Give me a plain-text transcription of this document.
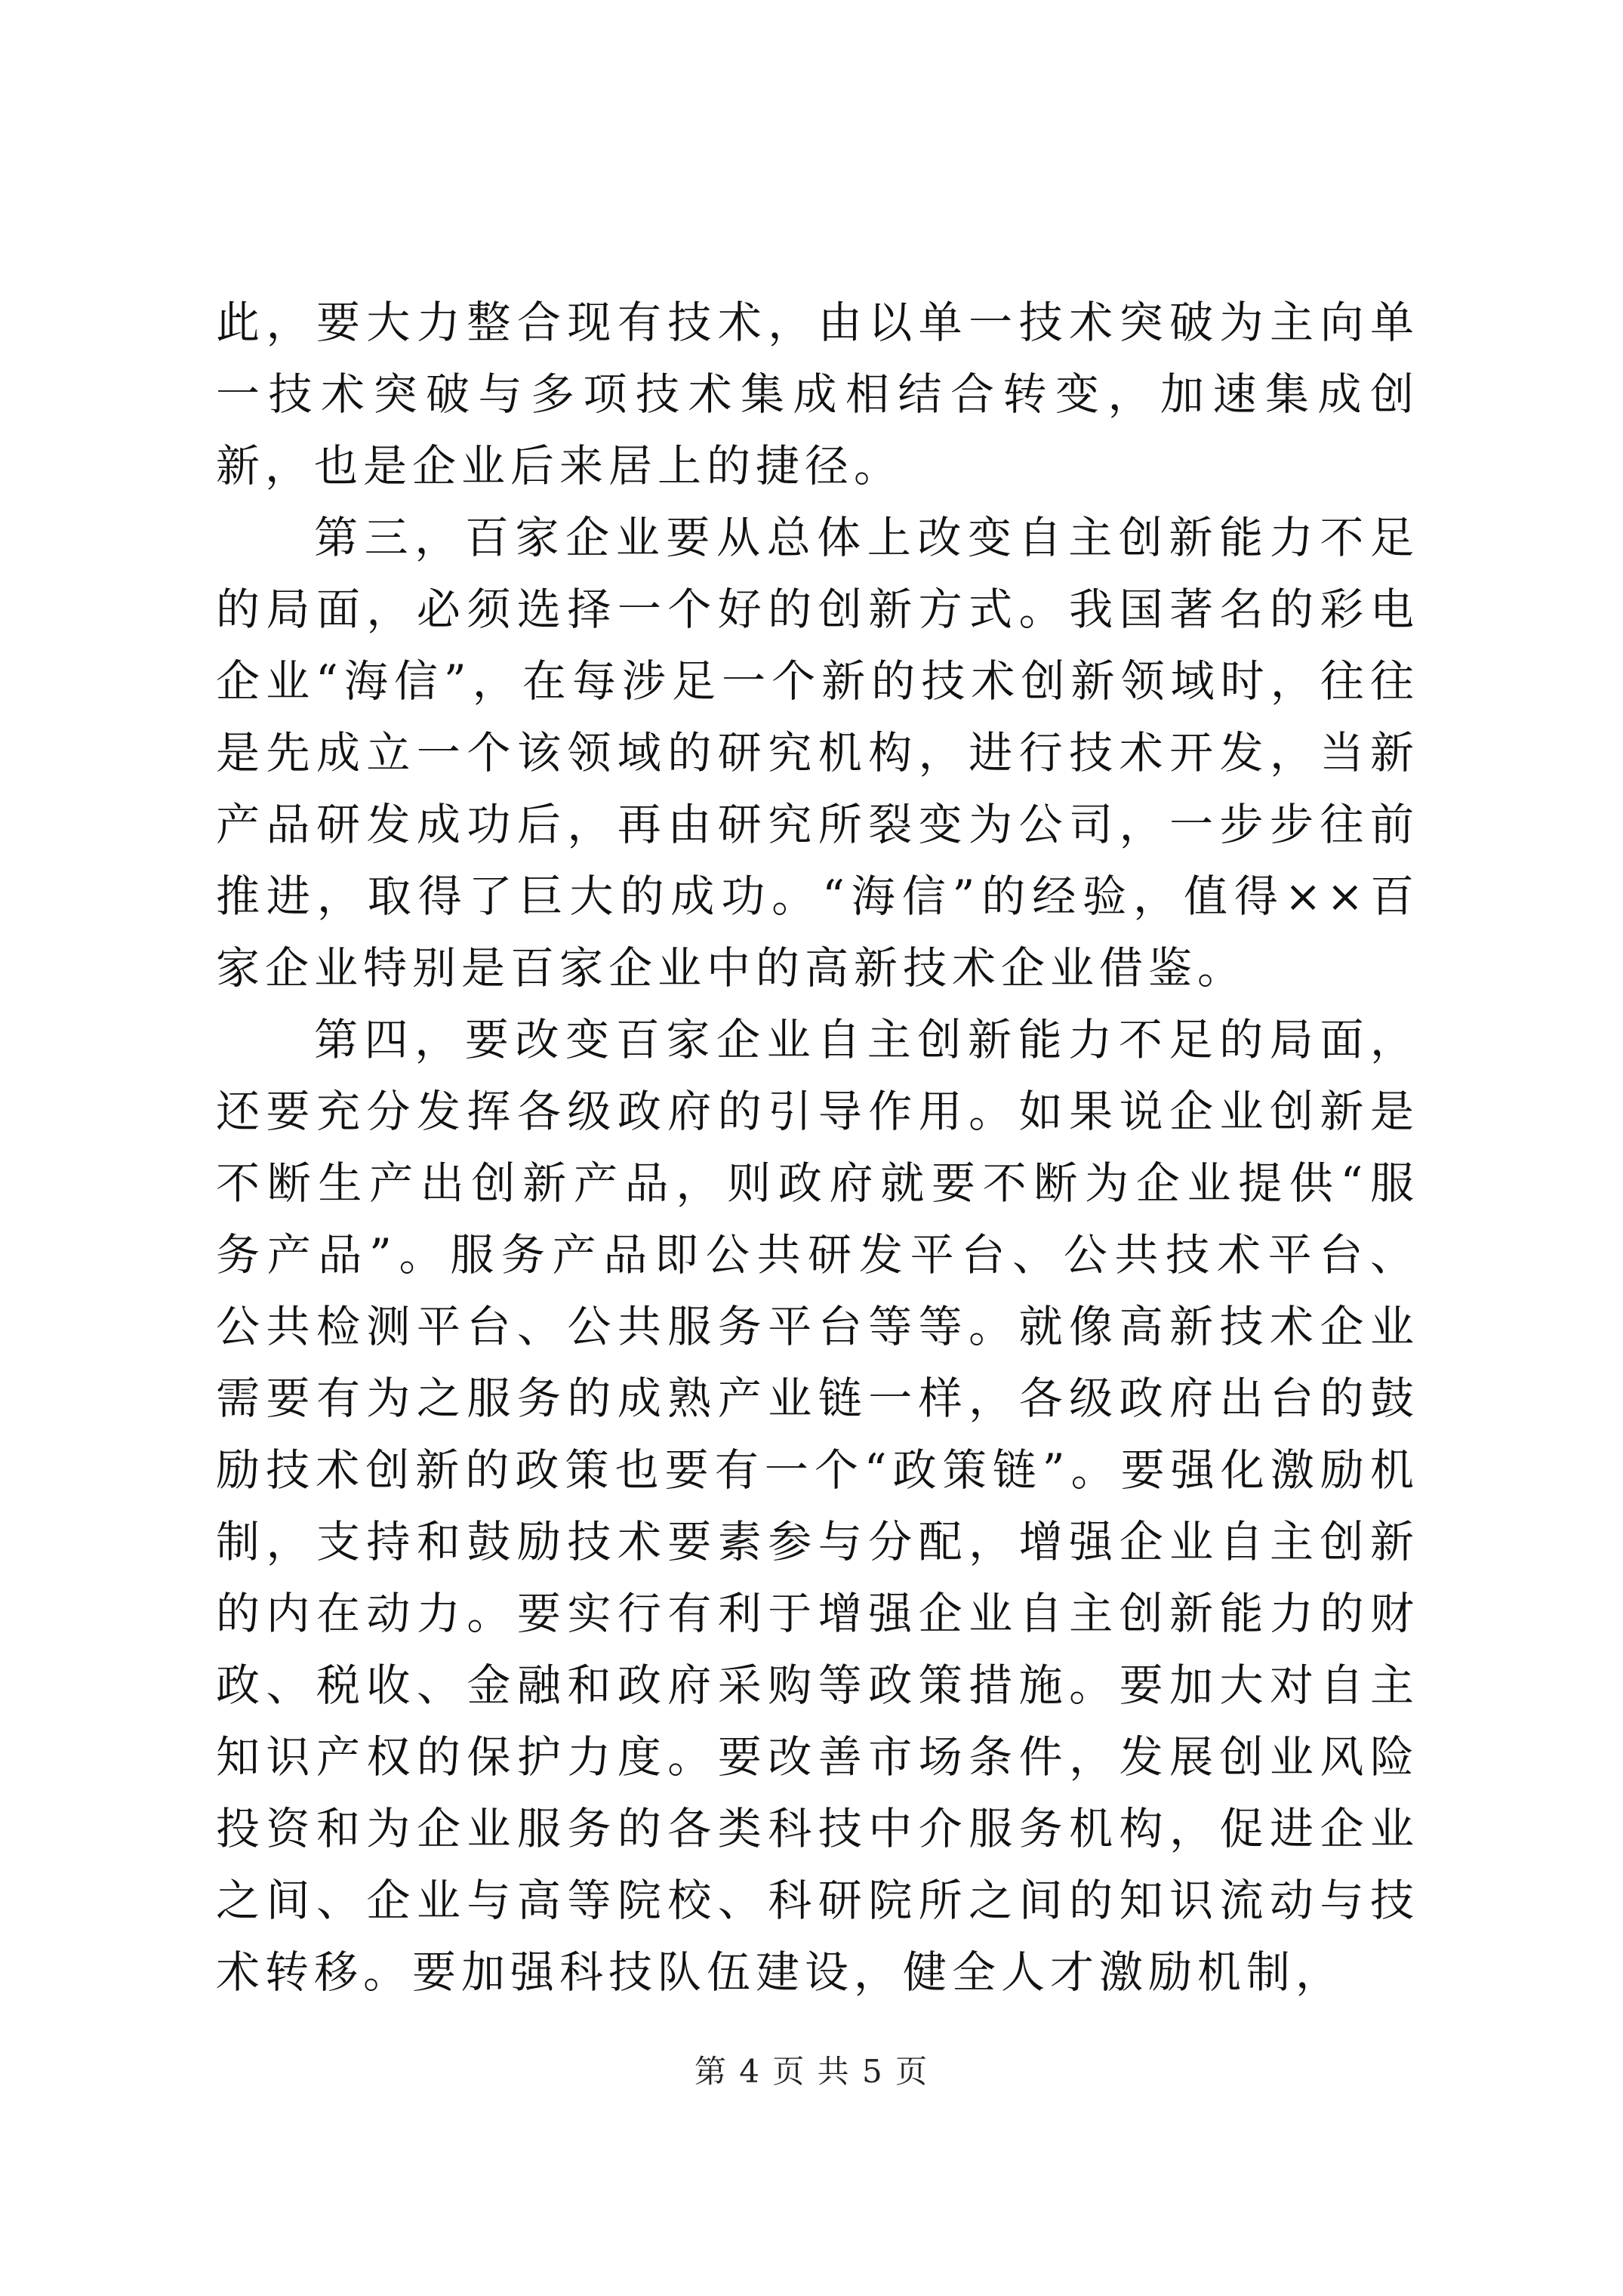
此，要大力整合现有技术，由以单一技术突破为主向单一技术突破与多项技术集成相结合转变，加速集成创新，也是企业后来居上的捷径。

第三，百家企业要从总体上改变自主创新能力不足的局面，必须选择一个好的创新方式。我国著名的彩电企业“海信”，在每涉足一个新的技术创新领域时，往往是先成立一个该领域的研究机构，进行技术开发，当新产品研发成功后，再由研究所裂变为公司，一步步往前推进，取得了巨大的成功。“海信”的经验，值得××百家企业特别是百家企业中的高新技术企业借鉴。

第四，要改变百家企业自主创新能力不足的局面，还要充分发挥各级政府的引导作用。如果说企业创新是不断生产出创新产品，则政府就要不断为企业提供“服务产品”。服务产品即公共研发平台、公共技术平台、公共检测平台、公共服务平台等等。就像高新技术企业需要有为之服务的成熟产业链一样，各级政府出台的鼓励技术创新的政策也要有一个“政策链”。要强化激励机制，支持和鼓励技术要素参与分配，增强企业自主创新的内在动力。要实行有利于增强企业自主创新能力的财政、税收、金融和政府采购等政策措施。要加大对自主知识产权的保护力度。要改善市场条件，发展创业风险投资和为企业服务的各类科技中介服务机构，促进企业之间、企业与高等院校、科研院所之间的知识流动与技术转移。要加强科技队伍建设，健全人才激励机制，

第 4 页 共 5 页
